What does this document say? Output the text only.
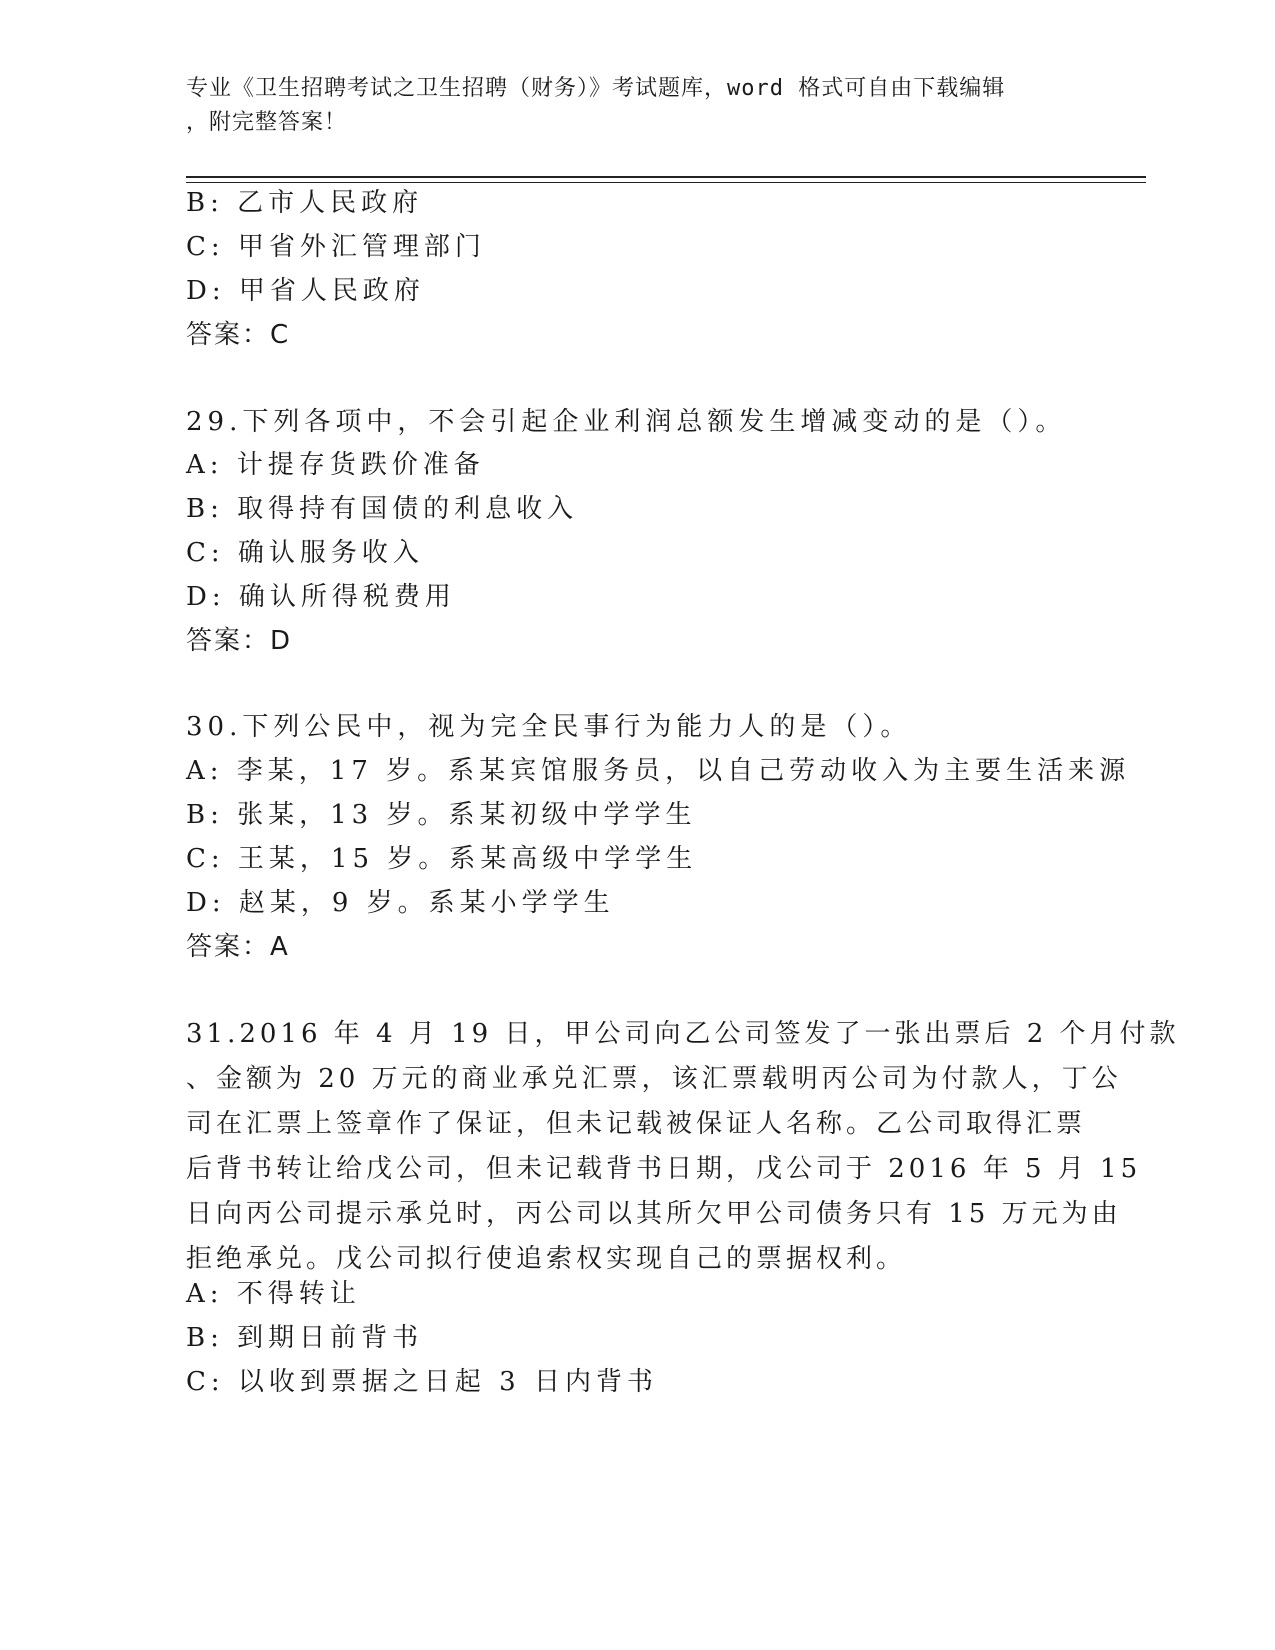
专业《卫生招聘考试之卫生招聘（财务）》考试题库，word 格式可自由下载编辑
，附完整答案！
B: 乙市人民政府
C: 甲省外汇管理部门
D: 甲省人民政府
答案：C
29.下列各项中，不会引起企业利润总额发生增减变动的是（）。
A: 计提存货跌价准备
B: 取得持有国债的利息收入
C: 确认服务收入
D: 确认所得税费用
答案：D
30.下列公民中，视为完全民事行为能力人的是（）。
A: 李某，17 岁。系某宾馆服务员，以自己劳动收入为主要生活来源
B: 张某，13 岁。系某初级中学学生
C: 王某，15 岁。系某高级中学学生
D: 赵某，9 岁。系某小学学生
答案：A
31.2016 年 4 月 19 日，甲公司向乙公司签发了一张出票后 2 个月付款
、金额为 20 万元的商业承兑汇票，该汇票载明丙公司为付款人，丁公
司在汇票上签章作了保证，但未记载被保证人名称。乙公司取得汇票
后背书转让给戊公司，但未记载背书日期，戊公司于 2016 年 5 月 15
日向丙公司提示承兑时，丙公司以其所欠甲公司债务只有 15 万元为由
拒绝承兑。戊公司拟行使追索权实现自己的票据权利。
A: 不得转让
B: 到期日前背书
C: 以收到票据之日起 3 日内背书
